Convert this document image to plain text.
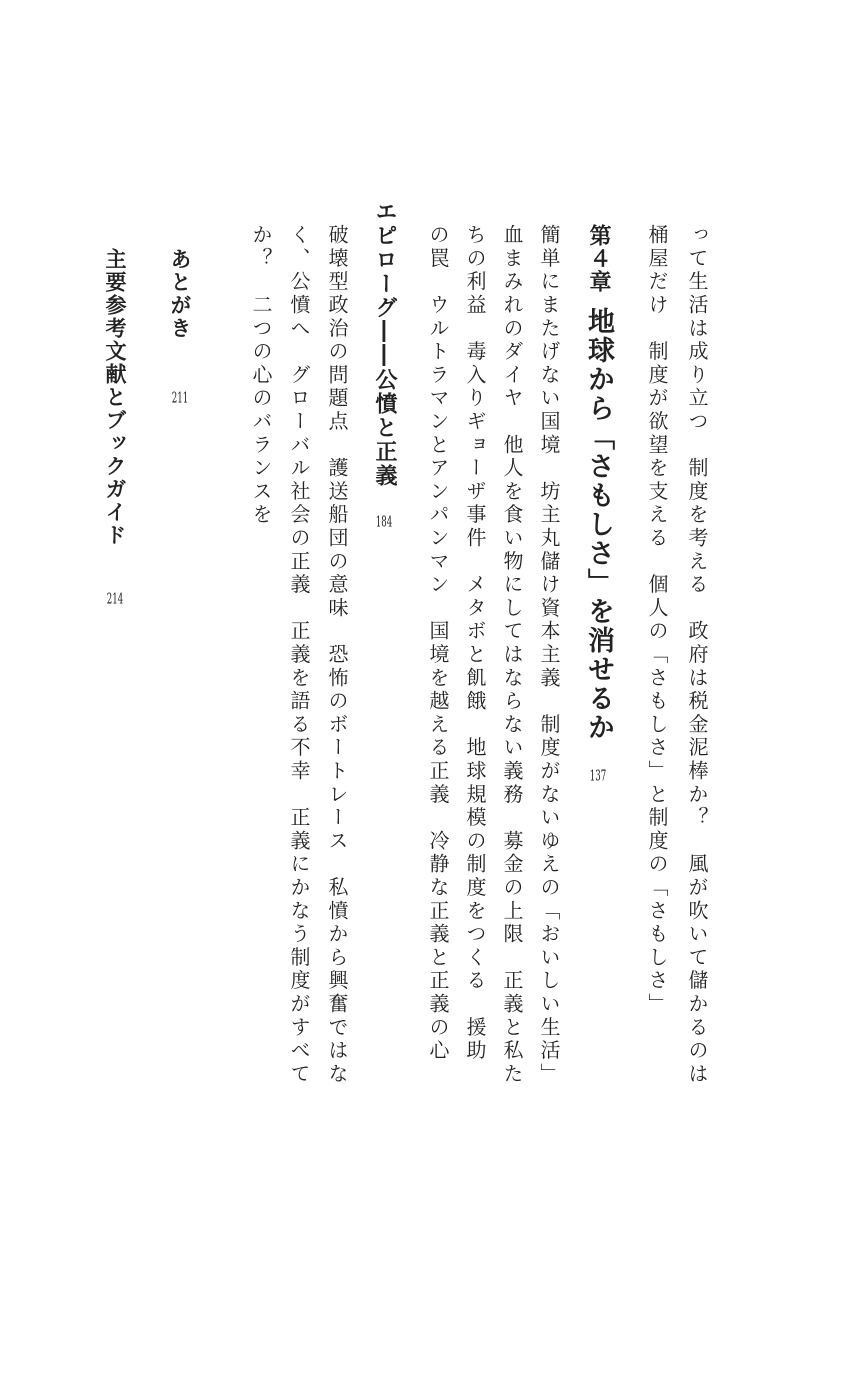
って生活は成り立つ　制度を考える　政府は税金泥棒か？　風が吹いて儲かるのは
桶屋だけ　制度が欲望を支える　個人の「さもしさ」と制度の「さもしさ」
第４章地球から「さもしさ」を消せるか137
簡単にまたげない国境　坊主丸儲け資本主義　制度がないゆえの「おいしい生活」
血まみれのダイヤ　他人を食い物にしてはならない義務　募金の上限　正義と私た
ちの利益　毒入りギョーザ事件　メタボと飢餓　地球規模の制度をつくる　援助
の罠　ウルトラマンとアンパンマン　国境を越える正義　冷静な正義と正義の心
エピローグ――公憤と正義184
破壊型政治の問題点　護送船団の意味　恐怖のボートレース　私憤から興奮ではな
く、公憤へ　グローバル社会の正義　正義を語る不幸　正義にかなう制度がすべて
か？　二つの心のバランスを
あとがき211
主要参考文献とブックガイド214
